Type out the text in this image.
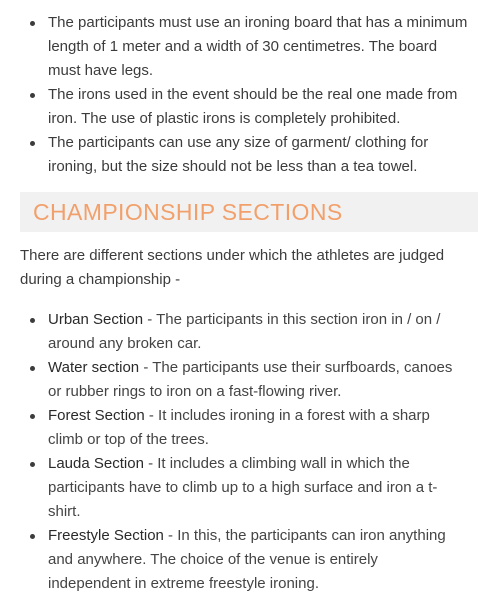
The participants must use an ironing board that has a minimum length of 1 meter and a width of 30 centimetres. The board must have legs.
The irons used in the event should be the real one made from iron. The use of plastic irons is completely prohibited.
The participants can use any size of garment/ clothing for ironing, but the size should not be less than a tea towel.
CHAMPIONSHIP SECTIONS

There are different sections under which the athletes are judged during a championship -

Urban Section - The participants in this section iron in / on / around any broken car.
Water section - The participants use their surfboards, canoes or rubber rings to iron on a fast-flowing river.
Forest Section - It includes ironing in a forest with a sharp climb or top of the trees.
Lauda Section - It includes a climbing wall in which the participants have to climb up to a high surface and iron a t-shirt.
Freestyle Section - In this, the participants can iron anything and anywhere. The choice of the venue is entirely independent in extreme freestyle ironing.
